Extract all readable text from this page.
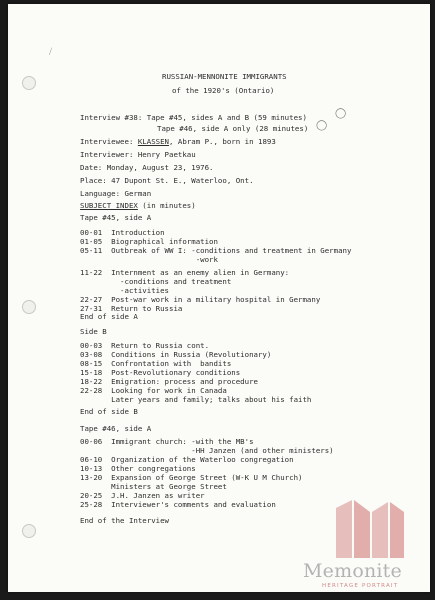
⟋
RUSSIAN-MENNONITE IMMIGRANTS
of the 1920's (Ontario)
Interview #38: Tape #45, sides A and B (59 minutes)
Tape #46, side A only (28 minutes)
◯
◯
Interviewee: KLASSEN, Abram P., born in 1893
Interviewer: Henry Paetkau
Date: Monday, August 23, 1976.
Place: 47 Dupont St. E., Waterloo, Ont.
Language: German
SUBJECT INDEX (in minutes)
Tape #45, side A
00-01  Introduction
01-05  Biographical information
05-11  Outbreak of WW I: -conditions and treatment in Germany
-work
11-22  Internment as an enemy alien in Germany:
-conditions and treatment
-activities
22-27  Post-war work in a military hospital in Germany
27-31  Return to Russia
End of side A
Side B
00-03  Return to Russia cont.
03-08  Conditions in Russia (Revolutionary)
08-15  Confrontation with  bandits
15-18  Post-Revolutionary conditions
18-22  Emigration: process and procedure
22-28  Looking for work in Canada
Later years and family; talks about his faith
End of side B
Tape #46, side A
00-06  Immigrant church: -with the MB's
-HH Janzen (and other ministers)
06-10  Organization of the Waterloo congregation
10-13  Other congregations
13-20  Expansion of George Street (W-K U M Church)
Ministers at George Street
20-25  J.H. Janzen as writer
25-28  Interviewer's comments and evaluation
End of the Interview
Memonite
HERITAGE PORTRAIT
